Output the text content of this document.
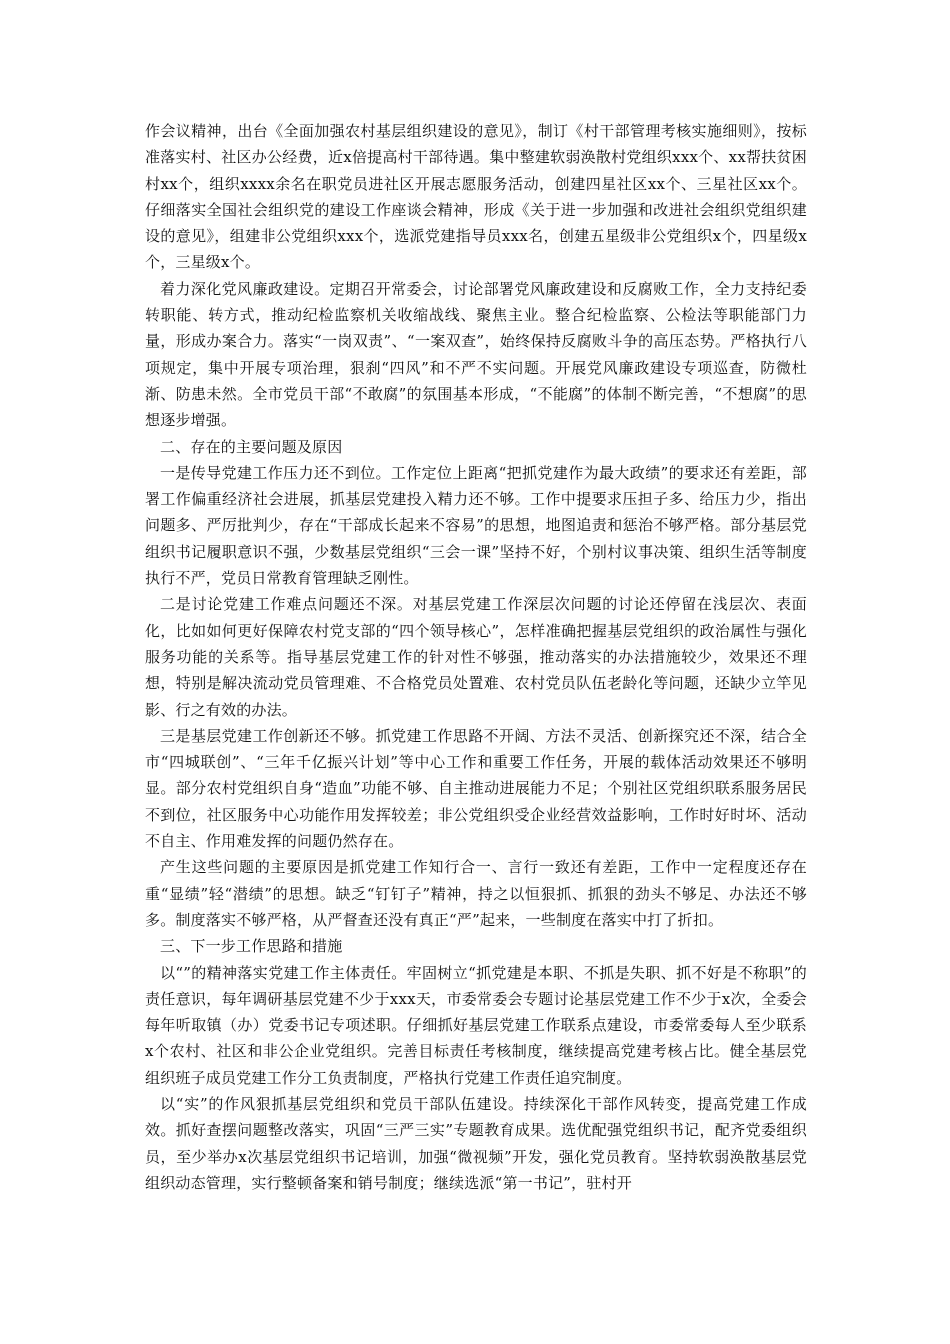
作会议精神，出台《全面加强农村基层组织建设的意见》，制订《村干部管理考核实施细则》，按标准落实村、社区办公经费，近x倍提高村干部待遇。集中整建软弱涣散村党组织xxx个、xx帮扶贫困村xx个，组织xxxx余名在职党员进社区开展志愿服务活动，创建四星社区xx个、三星社区xx个。仔细落实全国社会组织党的建设工作座谈会精神，形成《关于进一步加强和改进社会组织党组织建设的意见》，组建非公党组织xxx个，选派党建指导员xxx名，创建五星级非公党组织x个，四星级x个，三星级x个。

着力深化党风廉政建设。定期召开常委会，讨论部署党风廉政建设和反腐败工作，全力支持纪委转职能、转方式，推动纪检监察机关收缩战线、聚焦主业。整合纪检监察、公检法等职能部门力量，形成办案合力。落实“一岗双责”、“一案双查”，始终保持反腐败斗争的高压态势。严格执行八项规定，集中开展专项治理，狠刹“四风”和不严不实问题。开展党风廉政建设专项巡查，防微杜渐、防患未然。全市党员干部“不敢腐”的氛围基本形成，“不能腐”的体制不断完善，“不想腐”的思想逐步增强。

二、存在的主要问题及原因

一是传导党建工作压力还不到位。工作定位上距离“把抓党建作为最大政绩”的要求还有差距，部署工作偏重经济社会进展，抓基层党建投入精力还不够。工作中提要求压担子多、给压力少，指出问题多、严厉批判少，存在“干部成长起来不容易”的思想，地图追责和惩治不够严格。部分基层党组织书记履职意识不强，少数基层党组织“三会一课”坚持不好，个别村议事决策、组织生活等制度执行不严，党员日常教育管理缺乏刚性。

二是讨论党建工作难点问题还不深。对基层党建工作深层次问题的讨论还停留在浅层次、表面化，比如如何更好保障农村党支部的“四个领导核心”，怎样准确把握基层党组织的政治属性与强化服务功能的关系等。指导基层党建工作的针对性不够强，推动落实的办法措施较少，效果还不理想，特别是解决流动党员管理难、不合格党员处置难、农村党员队伍老龄化等问题，还缺少立竿见影、行之有效的办法。

三是基层党建工作创新还不够。抓党建工作思路不开阔、方法不灵活、创新探究还不深，结合全市“四城联创”、“三年千亿振兴计划”等中心工作和重要工作任务，开展的载体活动效果还不够明显。部分农村党组织自身“造血”功能不够、自主推动进展能力不足；个别社区党组织联系服务居民不到位，社区服务中心功能作用发挥较差；非公党组织受企业经营效益影响，工作时好时坏、活动不自主、作用难发挥的问题仍然存在。

产生这些问题的主要原因是抓党建工作知行合一、言行一致还有差距，工作中一定程度还存在重“显绩”轻“潜绩”的思想。缺乏“钉钉子”精神，持之以恒狠抓、抓狠的劲头不够足、办法还不够多。制度落实不够严格，从严督查还没有真正“严”起来，一些制度在落实中打了折扣。

三、下一步工作思路和措施

以“”的精神落实党建工作主体责任。牢固树立“抓党建是本职、不抓是失职、抓不好是不称职”的责任意识，每年调研基层党建不少于xxx天，市委常委会专题讨论基层党建工作不少于x次，全委会每年听取镇（办）党委书记专项述职。仔细抓好基层党建工作联系点建设，市委常委每人至少联系x个农村、社区和非公企业党组织。完善目标责任考核制度，继续提高党建考核占比。健全基层党组织班子成员党建工作分工负责制度，严格执行党建工作责任追究制度。

以“实”的作风狠抓基层党组织和党员干部队伍建设。持续深化干部作风转变，提高党建工作成效。抓好查摆问题整改落实，巩固“三严三实”专题教育成果。选优配强党组织书记，配齐党委组织员，至少举办x次基层党组织书记培训，加强“微视频”开发，强化党员教育。坚持软弱涣散基层党组织动态管理，实行整顿备案和销号制度；继续选派“第一书记”，驻村开
